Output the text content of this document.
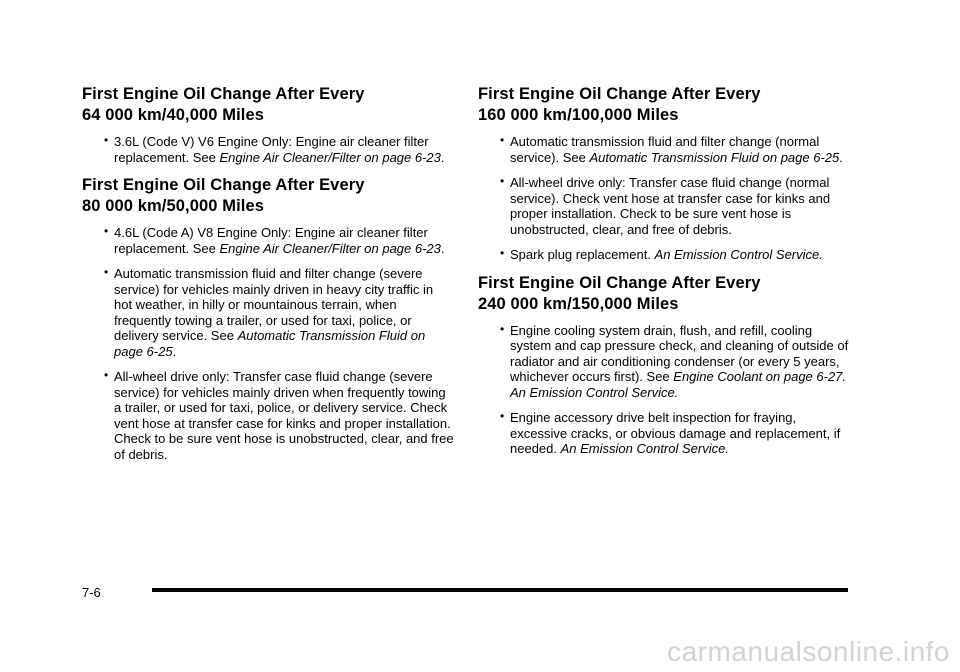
First Engine Oil Change After Every
64 000 km/40,000 Miles
• 3.6L (Code V) V6 Engine Only: Engine air cleaner filter replacement. See Engine Air Cleaner/Filter on page 6-23.
First Engine Oil Change After Every
80 000 km/50,000 Miles
• 4.6L (Code A) V8 Engine Only: Engine air cleaner filter replacement. See Engine Air Cleaner/Filter on page 6-23.
• Automatic transmission fluid and filter change (severe service) for vehicles mainly driven in heavy city traffic in hot weather, in hilly or mountainous terrain, when frequently towing a trailer, or used for taxi, police, or delivery service. See Automatic Transmission Fluid on page 6-25.
• All-wheel drive only: Transfer case fluid change (severe service) for vehicles mainly driven when frequently towing a trailer, or used for taxi, police, or delivery service. Check vent hose at transfer case for kinks and proper installation. Check to be sure vent hose is unobstructed, clear, and free of debris.
First Engine Oil Change After Every
160 000 km/100,000 Miles
• Automatic transmission fluid and filter change (normal service). See Automatic Transmission Fluid on page 6-25.
• All-wheel drive only: Transfer case fluid change (normal service). Check vent hose at transfer case for kinks and proper installation. Check to be sure vent hose is unobstructed, clear, and free of debris.
• Spark plug replacement. An Emission Control Service.
First Engine Oil Change After Every
240 000 km/150,000 Miles
• Engine cooling system drain, flush, and refill, cooling system and cap pressure check, and cleaning of outside of radiator and air conditioning condenser (or every 5 years, whichever occurs first). See Engine Coolant on page 6-27. An Emission Control Service.
• Engine accessory drive belt inspection for fraying, excessive cracks, or obvious damage and replacement, if needed. An Emission Control Service.
7-6
carmanualsonline.info
